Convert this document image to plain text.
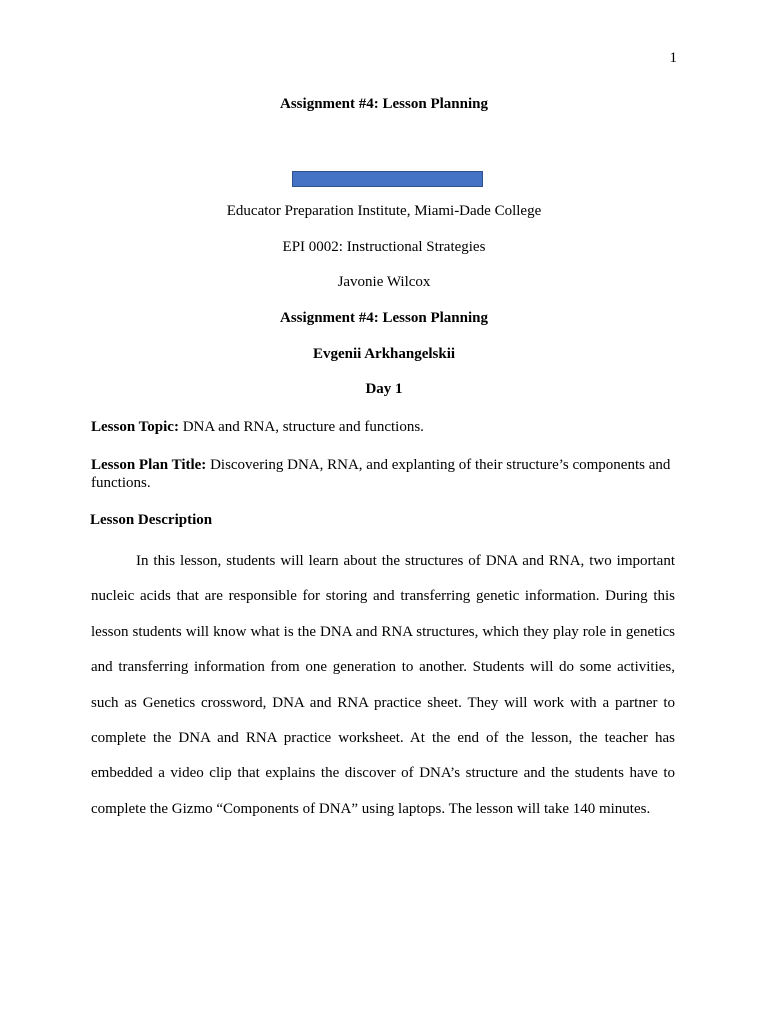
1
Assignment #4: Lesson Planning
Educator Preparation Institute, Miami-Dade College
EPI 0002: Instructional Strategies
Javonie Wilcox
Assignment #4: Lesson Planning
Evgenii Arkhangelskii
Day 1
Lesson Topic: DNA and RNA, structure and functions.
Lesson Plan Title: Discovering DNA, RNA, and explanting of their structure’s components and functions.
Lesson Description
In this lesson, students will learn about the structures of DNA and RNA, two important nucleic acids that are responsible for storing and transferring genetic information. During this lesson students will know what is the DNA and RNA structures, which they play role in genetics and transferring information from one generation to another. Students will do some activities, such as Genetics crossword, DNA and RNA practice sheet. They will work with a partner to complete the DNA and RNA practice worksheet. At the end of the lesson, the teacher has embedded a video clip that explains the discover of DNA’s structure and the students have to complete the Gizmo “Components of DNA” using laptops. The lesson will take 140 minutes.
